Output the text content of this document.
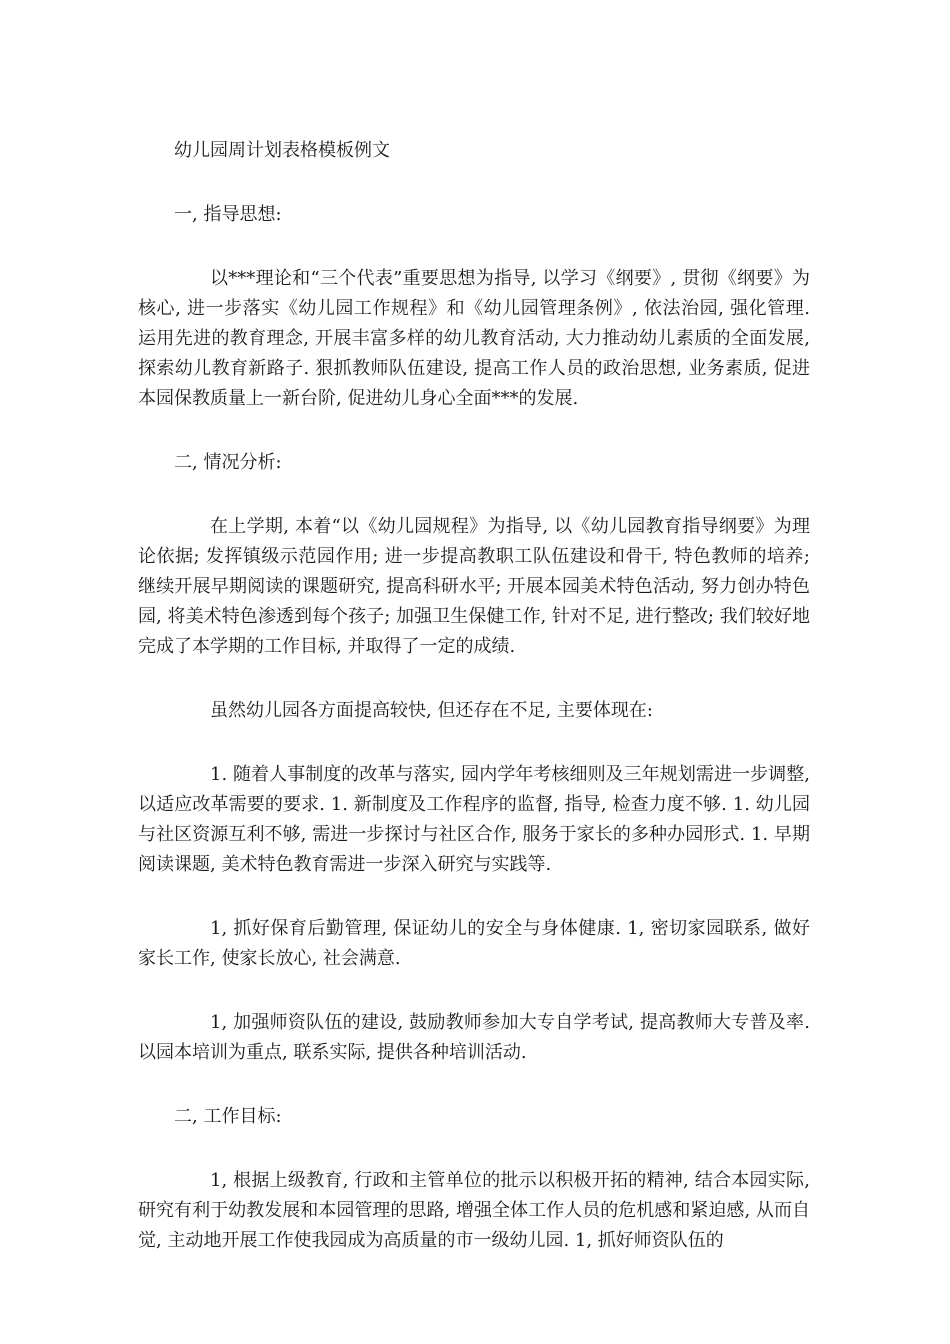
幼儿园周计划表格模板例文
一, 指导思想:

以***理论和“三个代表”重要思想为指导, 以学习《纲要》, 贯彻《纲要》为核心, 进一步落实《幼儿园工作规程》和《幼儿园管理条例》, 依法治园, 强化管理. 运用先进的教育理念, 开展丰富多样的幼儿教育活动, 大力推动幼儿素质的全面发展, 探索幼儿教育新路子. 狠抓教师队伍建设, 提高工作人员的政治思想, 业务素质, 促进本园保教质量上一新台阶, 促进幼儿身心全面***的发展.

二, 情况分析:

在上学期, 本着“以《幼儿园规程》为指导, 以《幼儿园教育指导纲要》为理论依据; 发挥镇级示范园作用; 进一步提高教职工队伍建设和骨干, 特色教师的培养; 继续开展早期阅读的课题研究, 提高科研水平; 开展本园美术特色活动, 努力创办特色园, 将美术特色渗透到每个孩子; 加强卫生保健工作, 针对不足, 进行整改; 我们较好地完成了本学期的工作目标, 并取得了一定的成绩.

虽然幼儿园各方面提高较快, 但还存在不足, 主要体现在:

1. 随着人事制度的改革与落实, 园内学年考核细则及三年规划需进一步调整, 以适应改革需要的要求. 1. 新制度及工作程序的监督, 指导, 检查力度不够. 1. 幼儿园与社区资源互利不够, 需进一步探讨与社区合作, 服务于家长的多种办园形式. 1. 早期阅读课题, 美术特色教育需进一步深入研究与实践等.

1, 抓好保育后勤管理, 保证幼儿的安全与身体健康. 1, 密切家园联系, 做好家长工作, 使家长放心, 社会满意.

1, 加强师资队伍的建设, 鼓励教师参加大专自学考试, 提高教师大专普及率. 以园本培训为重点, 联系实际, 提供各种培训活动.

二, 工作目标:

1, 根据上级教育, 行政和主管单位的批示以积极开拓的精神, 结合本园实际, 研究有利于幼教发展和本园管理的思路, 增强全体工作人员的危机感和紧迫感, 从而自觉, 主动地开展工作使我园成为高质量的市一级幼儿园. 1, 抓好师资队伍的
